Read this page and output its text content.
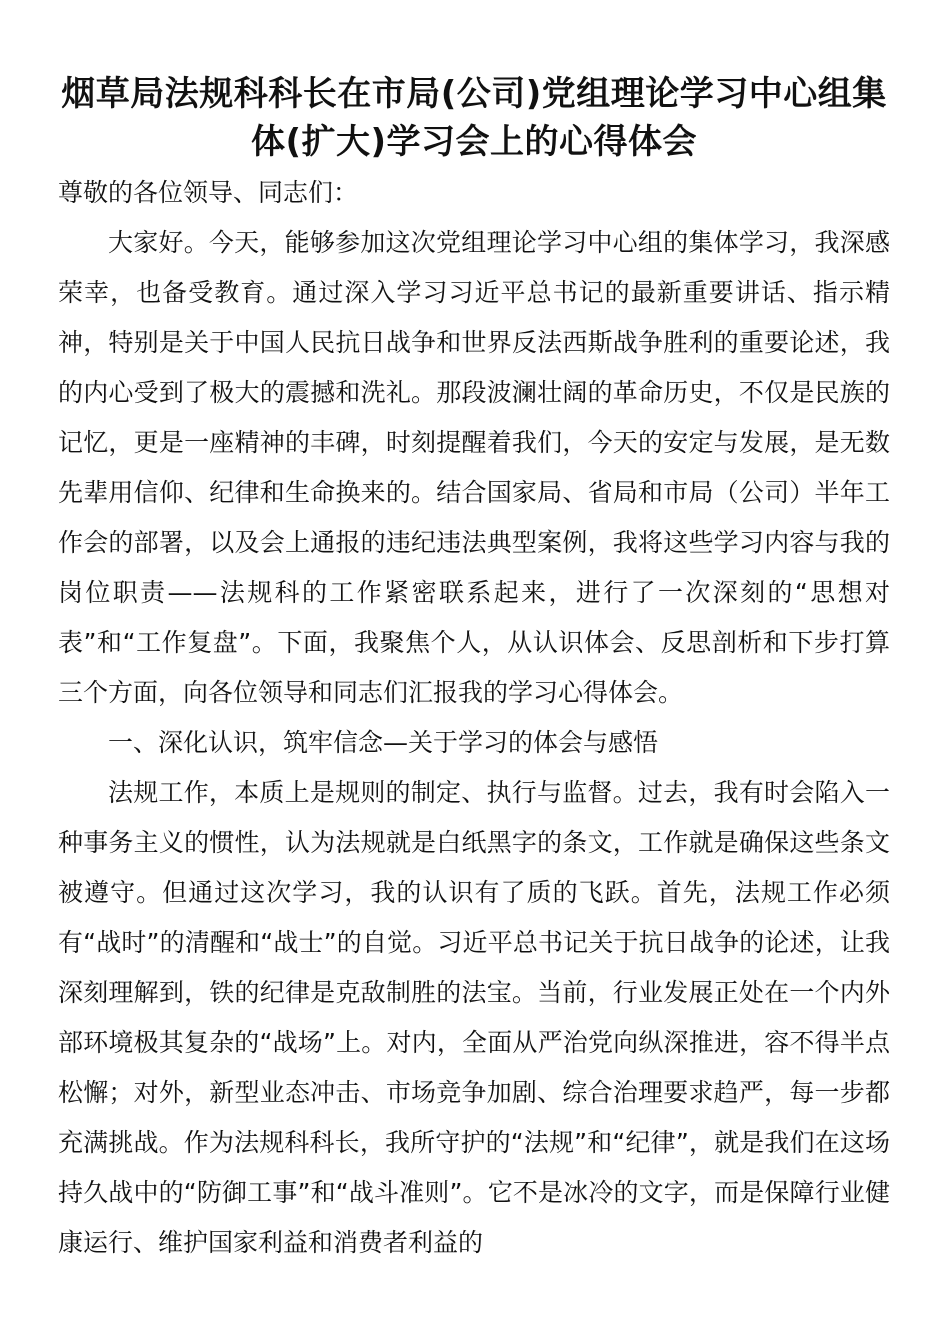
烟草局法规科科长在市局(公司)党组理论学习中心组集体(扩大)学习会上的心得体会

尊敬的各位领导、同志们：

大家好。今天，能够参加这次党组理论学习中心组的集体学习，我深感荣幸，也备受教育。通过深入学习习近平总书记的最新重要讲话、指示精神，特别是关于中国人民抗日战争和世界反法西斯战争胜利的重要论述，我的内心受到了极大的震撼和洗礼。那段波澜壮阔的革命历史，不仅是民族的记忆，更是一座精神的丰碑，时刻提醒着我们，今天的安定与发展，是无数先辈用信仰、纪律和生命换来的。结合国家局、省局和市局（公司）半年工作会的部署，以及会上通报的违纪违法典型案例，我将这些学习内容与我的岗位职责——法规科的工作紧密联系起来，进行了一次深刻的“思想对表”和“工作复盘”。下面，我聚焦个人，从认识体会、反思剖析和下步打算三个方面，向各位领导和同志们汇报我的学习心得体会。

一、深化认识，筑牢信念—关于学习的体会与感悟

法规工作，本质上是规则的制定、执行与监督。过去，我有时会陷入一种事务主义的惯性，认为法规就是白纸黑字的条文，工作就是确保这些条文被遵守。但通过这次学习，我的认识有了质的飞跃。首先，法规工作必须有“战时”的清醒和“战士”的自觉。习近平总书记关于抗日战争的论述，让我深刻理解到，铁的纪律是克敌制胜的法宝。当前，行业发展正处在一个内外部环境极其复杂的“战场”上。对内，全面从严治党向纵深推进，容不得半点松懈；对外，新型业态冲击、市场竞争加剧、综合治理要求趋严，每一步都充满挑战。作为法规科科长，我所守护的“法规”和“纪律”，就是我们在这场持久战中的“防御工事”和“战斗准则”。它不是冰冷的文字，而是保障行业健康运行、维护国家利益和消费者利益的
